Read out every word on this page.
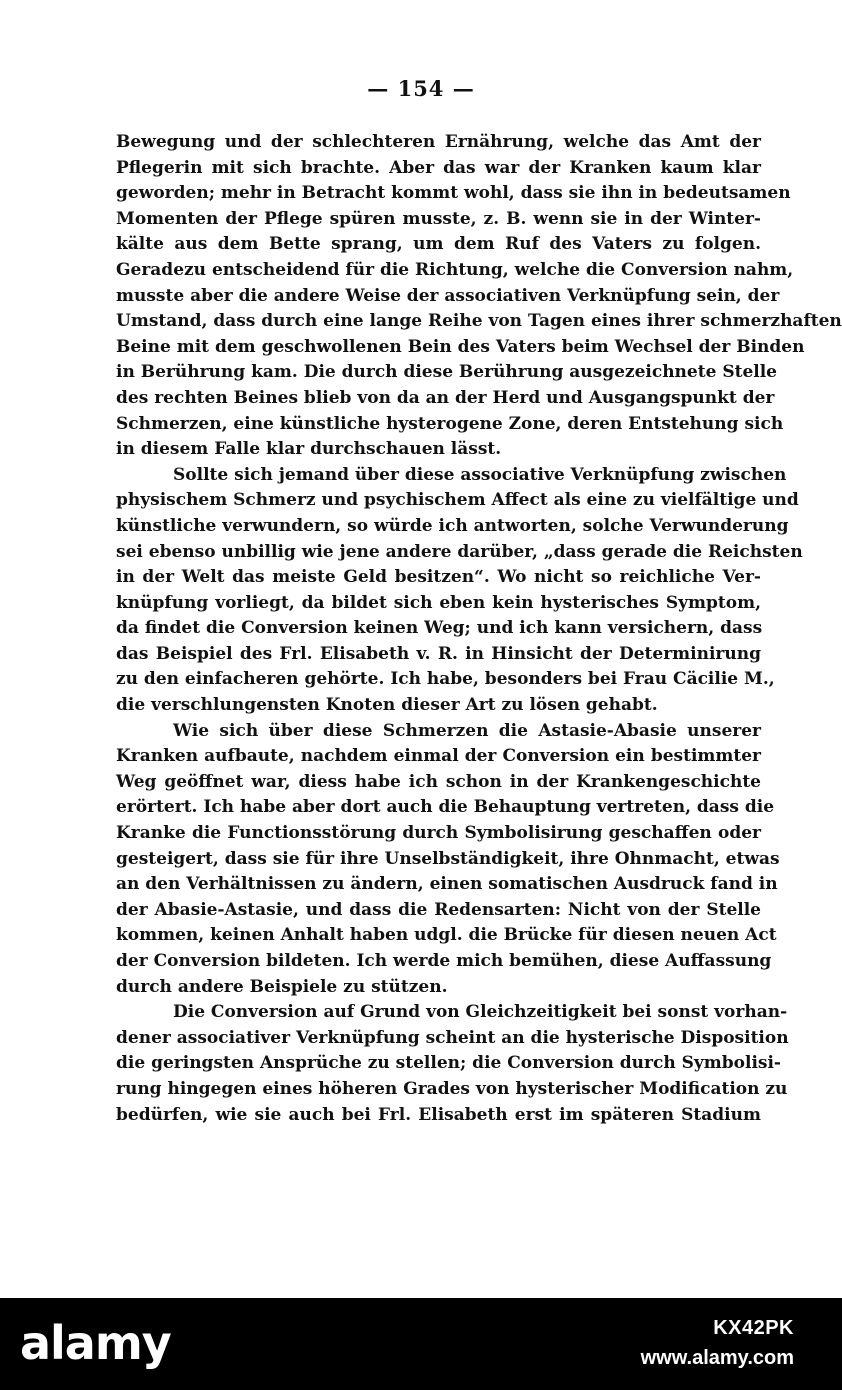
— 154 —
Bewegung und der schlechteren Ernährung, welche das Amt der
Pflegerin mit sich brachte. Aber das war der Kranken kaum klar
geworden; mehr in Betracht kommt wohl, dass sie ihn in bedeutsamen
Momenten der Pflege spüren musste, z. B. wenn sie in der Winter-
kälte aus dem Bette sprang, um dem Ruf des Vaters zu folgen.
Geradezu entscheidend für die Richtung, welche die Conversion nahm,
musste aber die andere Weise der associativen Verknüpfung sein, der
Umstand, dass durch eine lange Reihe von Tagen eines ihrer schmerzhaften
Beine mit dem geschwollenen Bein des Vaters beim Wechsel der Binden
in Berührung kam. Die durch diese Berührung ausgezeichnete Stelle
des rechten Beines blieb von da an der Herd und Ausgangspunkt der
Schmerzen, eine künstliche hysterogene Zone, deren Entstehung sich
in diesem Falle klar durchschauen lässt.
Sollte sich jemand über diese associative Verknüpfung zwischen
physischem Schmerz und psychischem Affect als eine zu vielfältige und
künstliche verwundern, so würde ich antworten, solche Verwunderung
sei ebenso unbillig wie jene andere darüber, „dass gerade die Reichsten
in der Welt das meiste Geld besitzen“. Wo nicht so reichliche Ver-
knüpfung vorliegt, da bildet sich eben kein hysterisches Symptom,
da findet die Conversion keinen Weg; und ich kann versichern, dass
das Beispiel des Frl. Elisabeth v. R. in Hinsicht der Determinirung
zu den einfacheren gehörte. Ich habe, besonders bei Frau Cäcilie M.,
die verschlungensten Knoten dieser Art zu lösen gehabt.
Wie sich über diese Schmerzen die Astasie-Abasie unserer
Kranken aufbaute, nachdem einmal der Conversion ein bestimmter
Weg geöffnet war, diess habe ich schon in der Krankengeschichte
erörtert. Ich habe aber dort auch die Behauptung vertreten, dass die
Kranke die Functionsstörung durch Symbolisirung geschaffen oder
gesteigert, dass sie für ihre Unselbständigkeit, ihre Ohnmacht, etwas
an den Verhältnissen zu ändern, einen somatischen Ausdruck fand in
der Abasie-Astasie, und dass die Redensarten: Nicht von der Stelle
kommen, keinen Anhalt haben udgl. die Brücke für diesen neuen Act
der Conversion bildeten. Ich werde mich bemühen, diese Auffassung
durch andere Beispiele zu stützen.
Die Conversion auf Grund von Gleichzeitigkeit bei sonst vorhan-
dener associativer Verknüpfung scheint an die hysterische Disposition
die geringsten Ansprüche zu stellen; die Conversion durch Symbolisi-
rung hingegen eines höheren Grades von hysterischer Modification zu
bedürfen, wie sie auch bei Frl. Elisabeth erst im späteren Stadium
alamy	KX42PK
www.alamy.com
